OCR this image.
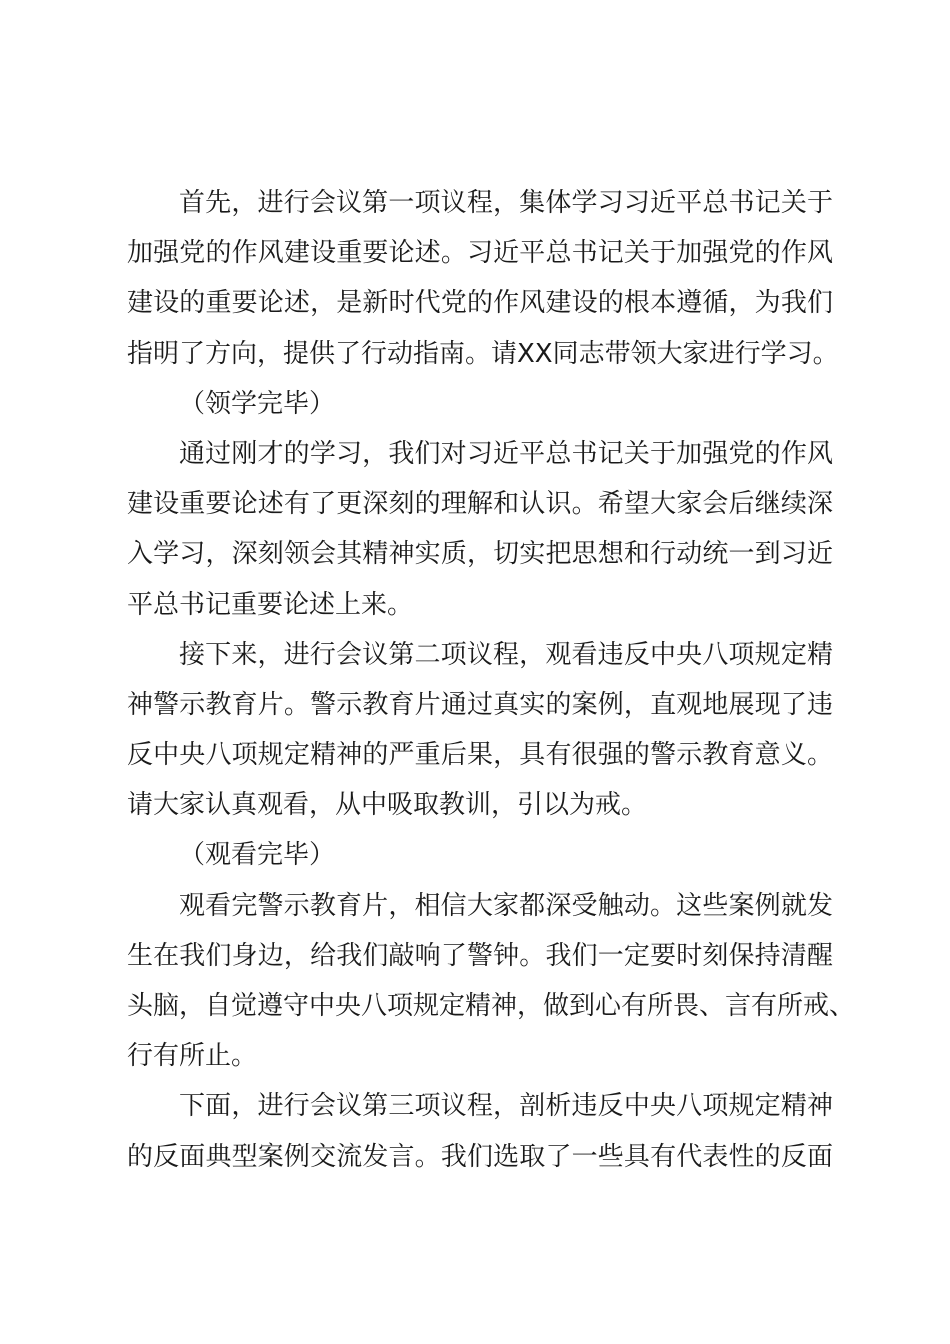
首先，进行会议第一项议程，集体学习习近平总书记关于
加强党的作风建设重要论述。习近平总书记关于加强党的作风
建设的重要论述，是新时代党的作风建设的根本遵循，为我们
指明了方向，提供了行动指南。请XX同志带领大家进行学习。
（领学完毕）
通过刚才的学习，我们对习近平总书记关于加强党的作风
建设重要论述有了更深刻的理解和认识。希望大家会后继续深
入学习，深刻领会其精神实质，切实把思想和行动统一到习近
平总书记重要论述上来。
接下来，进行会议第二项议程，观看违反中央八项规定精
神警示教育片。警示教育片通过真实的案例，直观地展现了违
反中央八项规定精神的严重后果，具有很强的警示教育意义。
请大家认真观看，从中吸取教训，引以为戒。
（观看完毕）
观看完警示教育片，相信大家都深受触动。这些案例就发
生在我们身边，给我们敲响了警钟。我们一定要时刻保持清醒
头脑，自觉遵守中央八项规定精神，做到心有所畏、言有所戒、
行有所止。
下面，进行会议第三项议程，剖析违反中央八项规定精神
的反面典型案例交流发言。我们选取了一些具有代表性的反面
